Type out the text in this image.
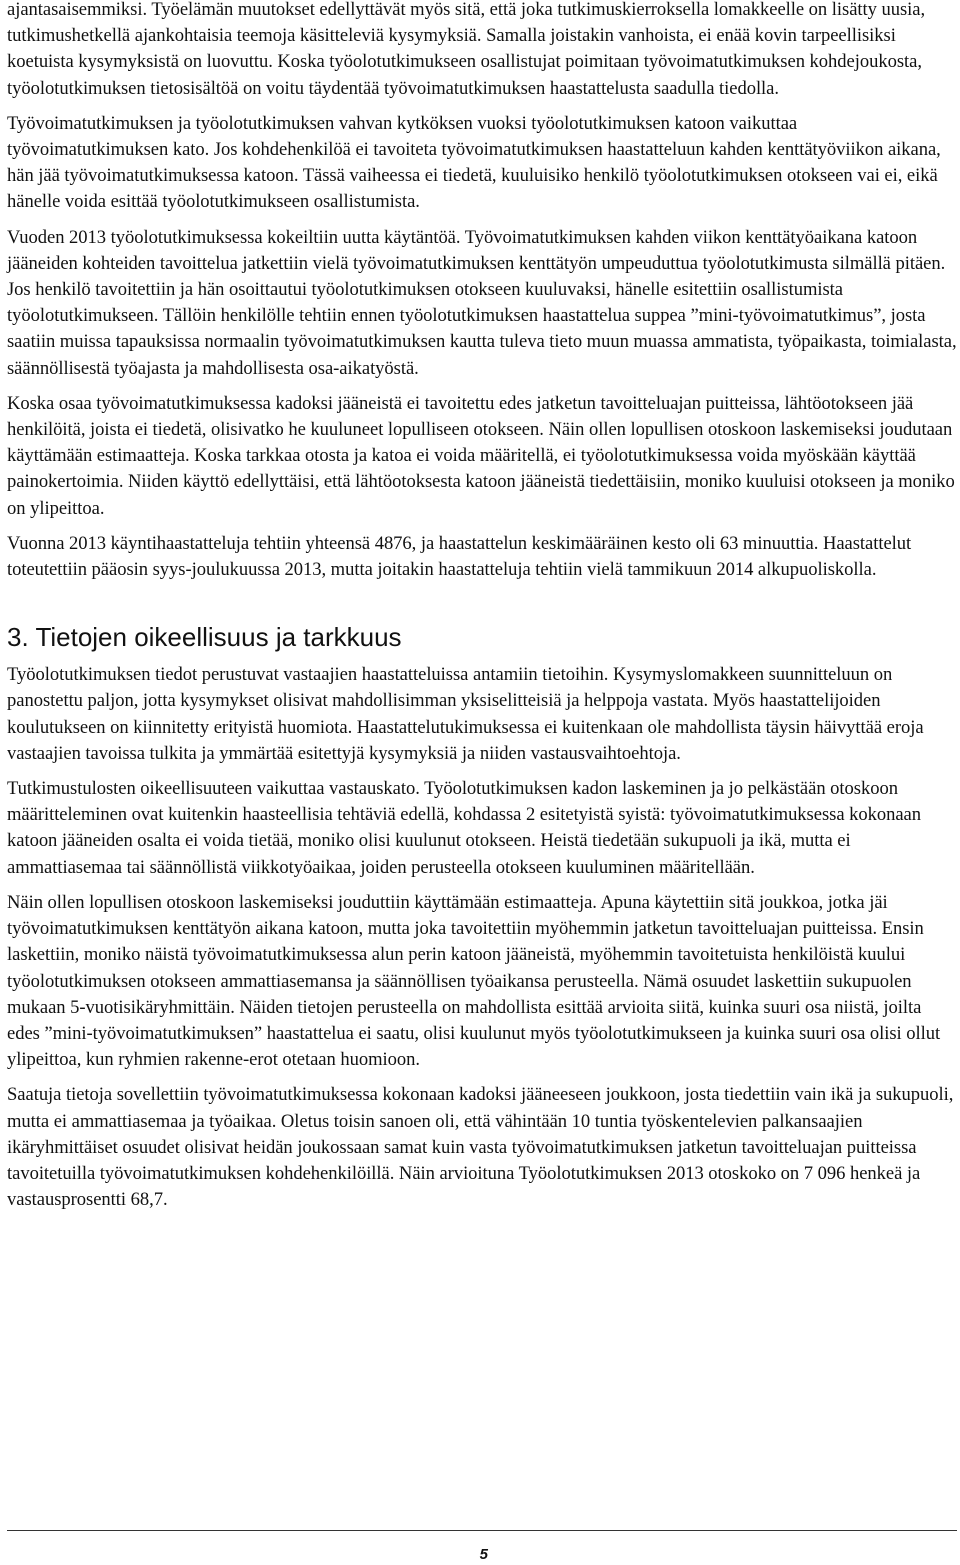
ajantasaisemmiksi. Työelämän muutokset edellyttävät myös sitä, että joka tutkimuskierroksella lomakkeelle on lisätty uusia, tutkimushetkellä ajankohtaisia teemoja käsitteleviä kysymyksiä. Samalla joistakin vanhoista, ei enää kovin tarpeellisiksi koetuista kysymyksistä on luovuttu. Koska työolotutkimukseen osallistujat poimitaan työvoimatutkimuksen kohdejoukosta, työolotutkimuksen tietosisältöä on voitu täydentää työvoimatutkimuksen haastattelusta saadulla tiedolla.

Työvoimatutkimuksen ja työolotutkimuksen vahvan kytköksen vuoksi työolotutkimuksen katoon vaikuttaa työvoimatutkimuksen kato. Jos kohdehenkilöä ei tavoiteta työvoimatutkimuksen haastatteluun kahden kenttätyöviikon aikana, hän jää työvoimatutkimuksessa katoon. Tässä vaiheessa ei tiedetä, kuuluisiko henkilö työolotutkimuksen otokseen vai ei, eikä hänelle voida esittää työolotutkimukseen osallistumista.

Vuoden 2013 työolotutkimuksessa kokeiltiin uutta käytäntöä. Työvoimatutkimuksen kahden viikon kenttätyöaikana katoon jääneiden kohteiden tavoittelua jatkettiin vielä työvoimatutkimuksen kenttätyön umpeuduttua työolotutkimusta silmällä pitäen. Jos henkilö tavoitettiin ja hän osoittautui työolotutkimuksen otokseen kuuluvaksi, hänelle esitettiin osallistumista työolotutkimukseen. Tällöin henkilölle tehtiin ennen työolotutkimuksen haastattelua suppea ”mini-työvoimatutkimus”, josta saatiin muissa tapauksissa normaalin työvoimatutkimuksen kautta tuleva tieto muun muassa ammatista, työpaikasta, toimialasta, säännöllisestä työajasta ja mahdollisesta osa-aikatyöstä.

Koska osaa työvoimatutkimuksessa kadoksi jääneistä ei tavoitettu edes jatketun tavoitteluajan puitteissa, lähtöotokseen jää henkilöitä, joista ei tiedetä, olisivatko he kuuluneet lopulliseen otokseen. Näin ollen lopullisen otoskoon laskemiseksi joudutaan käyttämään estimaatteja. Koska tarkkaa otosta ja katoa ei voida määritellä, ei työolotutkimuksessa voida myöskään käyttää painokertoimia. Niiden käyttö edellyttäisi, että lähtöotoksesta katoon jääneistä tiedettäisiin, moniko kuuluisi otokseen ja moniko on ylipeittoa.

Vuonna 2013 käyntihaastatteluja tehtiin yhteensä 4876, ja haastattelun keskimääräinen kesto oli 63 minuuttia. Haastattelut toteutettiin pääosin syys-joulukuussa 2013, mutta joitakin haastatteluja tehtiin vielä tammikuun 2014 alkupuoliskolla.

3. Tietojen oikeellisuus ja tarkkuus

Työolotutkimuksen tiedot perustuvat vastaajien haastatteluissa antamiin tietoihin. Kysymyslomakkeen suunnitteluun on panostettu paljon, jotta kysymykset olisivat mahdollisimman yksiselitteisiä ja helppoja vastata. Myös haastattelijoiden koulutukseen on kiinnitetty erityistä huomiota. Haastattelutukimuksessa ei kuitenkaan ole mahdollista täysin häivyttää eroja vastaajien tavoissa tulkita ja ymmärtää esitettyjä kysymyksiä ja niiden vastausvaihtoehtoja.

Tutkimustulosten oikeellisuuteen vaikuttaa vastauskato. Työolotutkimuksen kadon laskeminen ja jo pelkästään otoskoon määritteleminen ovat kuitenkin haasteellisia tehtäviä edellä, kohdassa 2 esitetyistä syistä: työvoimatutkimuksessa kokonaan katoon jääneiden osalta ei voida tietää, moniko olisi kuulunut otokseen. Heistä tiedetään sukupuoli ja ikä, mutta ei ammattiasemaa tai säännöllistä viikkotyöaikaa, joiden perusteella otokseen kuuluminen määritellään.

Näin ollen lopullisen otoskoon laskemiseksi jouduttiin käyttämään estimaatteja. Apuna käytettiin sitä joukkoa, jotka jäi työvoimatutkimuksen kenttätyön aikana katoon, mutta joka tavoitettiin myöhemmin jatketun tavoitteluajan puitteissa. Ensin laskettiin, moniko näistä työvoimatutkimuksessa alun perin katoon jääneistä, myöhemmin tavoitetuista henkilöistä kuului työolotutkimuksen otokseen ammattiasemansa ja säännöllisen työaikansa perusteella. Nämä osuudet laskettiin sukupuolen mukaan 5-vuotisikäryhmittäin. Näiden tietojen perusteella on mahdollista esittää arvioita siitä, kuinka suuri osa niistä, joilta edes ”mini-työvoimatutkimuksen” haastattelua ei saatu, olisi kuulunut myös työolotutkimukseen ja kuinka suuri osa olisi ollut ylipeittoa, kun ryhmien rakenne-erot otetaan huomioon.

Saatuja tietoja sovellettiin työvoimatutkimuksessa kokonaan kadoksi jääneeseen joukkoon, josta tiedettiin vain ikä ja sukupuoli, mutta ei ammattiasemaa ja työaikaa. Oletus toisin sanoen oli, että vähintään 10 tuntia työskentelevien palkansaajien ikäryhmittäiset osuudet olisivat heidän joukossaan samat kuin vasta työvoimatutkimuksen jatketun tavoitteluajan puitteissa tavoitetuilla työvoimatutkimuksen kohdehenkilöillä. Näin arvioituna Työolotutkimuksen 2013 otoskoko on 7 096 henkeä ja vastausprosentti 68,7.

5
